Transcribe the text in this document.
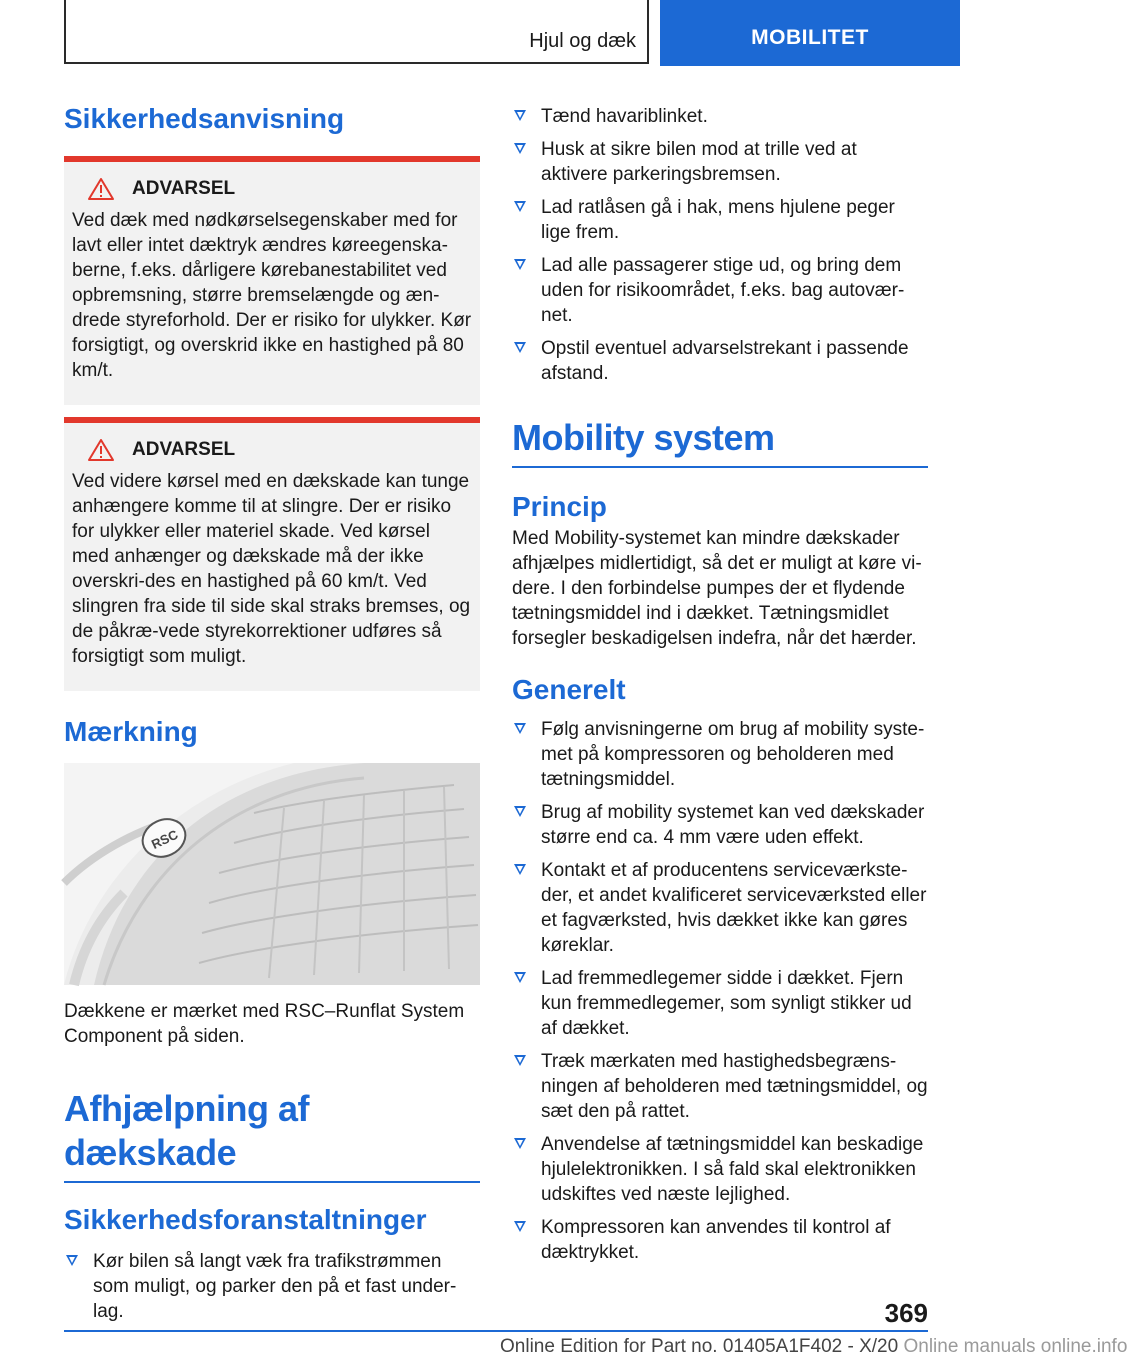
Hjul og dæk	MOBILITET
Sikkerhedsanvisning
ADVARSEL
Ved dæk med nødkørselsegenskaber med for lavt eller intet dæktryk ændres køreegenska-berne, f.eks. dårligere kørebanestabilitet ved opbremsning, større bremselængde og æn-drede styreforhold. Der er risiko for ulykker. Kør forsigtigt, og overskrid ikke en hastighed på 80 km/t.
ADVARSEL
Ved videre kørsel med en dækskade kan tunge anhængere komme til at slingre. Der er risiko for ulykker eller materiel skade. Ved kørsel med anhænger og dækskade må der ikke overskri-des en hastighed på 60 km/t. Ved slingren fra side til side skal straks bremses, og de påkræ-vede styrekorrektioner udføres så forsigtigt som muligt.
Mærkning
RSC
Dækkene er mærket med RSC–Runflat System Component på siden.
Afhjælpning af dækskade
Sikkerhedsforanstaltninger
Kør bilen så langt væk fra trafikstrømmen som muligt, og parker den på et fast under-lag.
Tænd havariblinket.
Husk at sikre bilen mod at trille ved at aktivere parkeringsbremsen.
Lad ratlåsen gå i hak, mens hjulene peger lige frem.
Lad alle passagerer stige ud, og bring dem uden for risikoområdet, f.eks. bag autovær-net.
Opstil eventuel advarselstrekant i passende afstand.
Mobility system
Princip
Med Mobility-systemet kan mindre dækskader afhjælpes midlertidigt, så det er muligt at køre vi-dere. I den forbindelse pumpes der et flydende tætningsmiddel ind i dækket. Tætningsmidlet forsegler beskadigelsen indefra, når det hærder.
Generelt
Følg anvisningerne om brug af mobility syste-met på kompressoren og beholderen med tætningsmiddel.
Brug af mobility systemet kan ved dækskader større end ca. 4 mm være uden effekt.
Kontakt et af producentens serviceværkste-der, et andet kvalificeret serviceværksted eller et fagværksted, hvis dækket ikke kan gøres køreklar.
Lad fremmedlegemer sidde i dækket. Fjern kun fremmedlegemer, som synligt stikker ud af dækket.
Træk mærkaten med hastighedsbegræns-ningen af beholderen med tætningsmiddel, og sæt den på rattet.
Anvendelse af tætningsmiddel kan beskadige hjulelektronikken. I så fald skal elektronikken udskiftes ved næste lejlighed.
Kompressoren kan anvendes til kontrol af dæktrykket.
369
Online Edition for Part no. 01405A1F402 - X/20 Online manuals online.info
